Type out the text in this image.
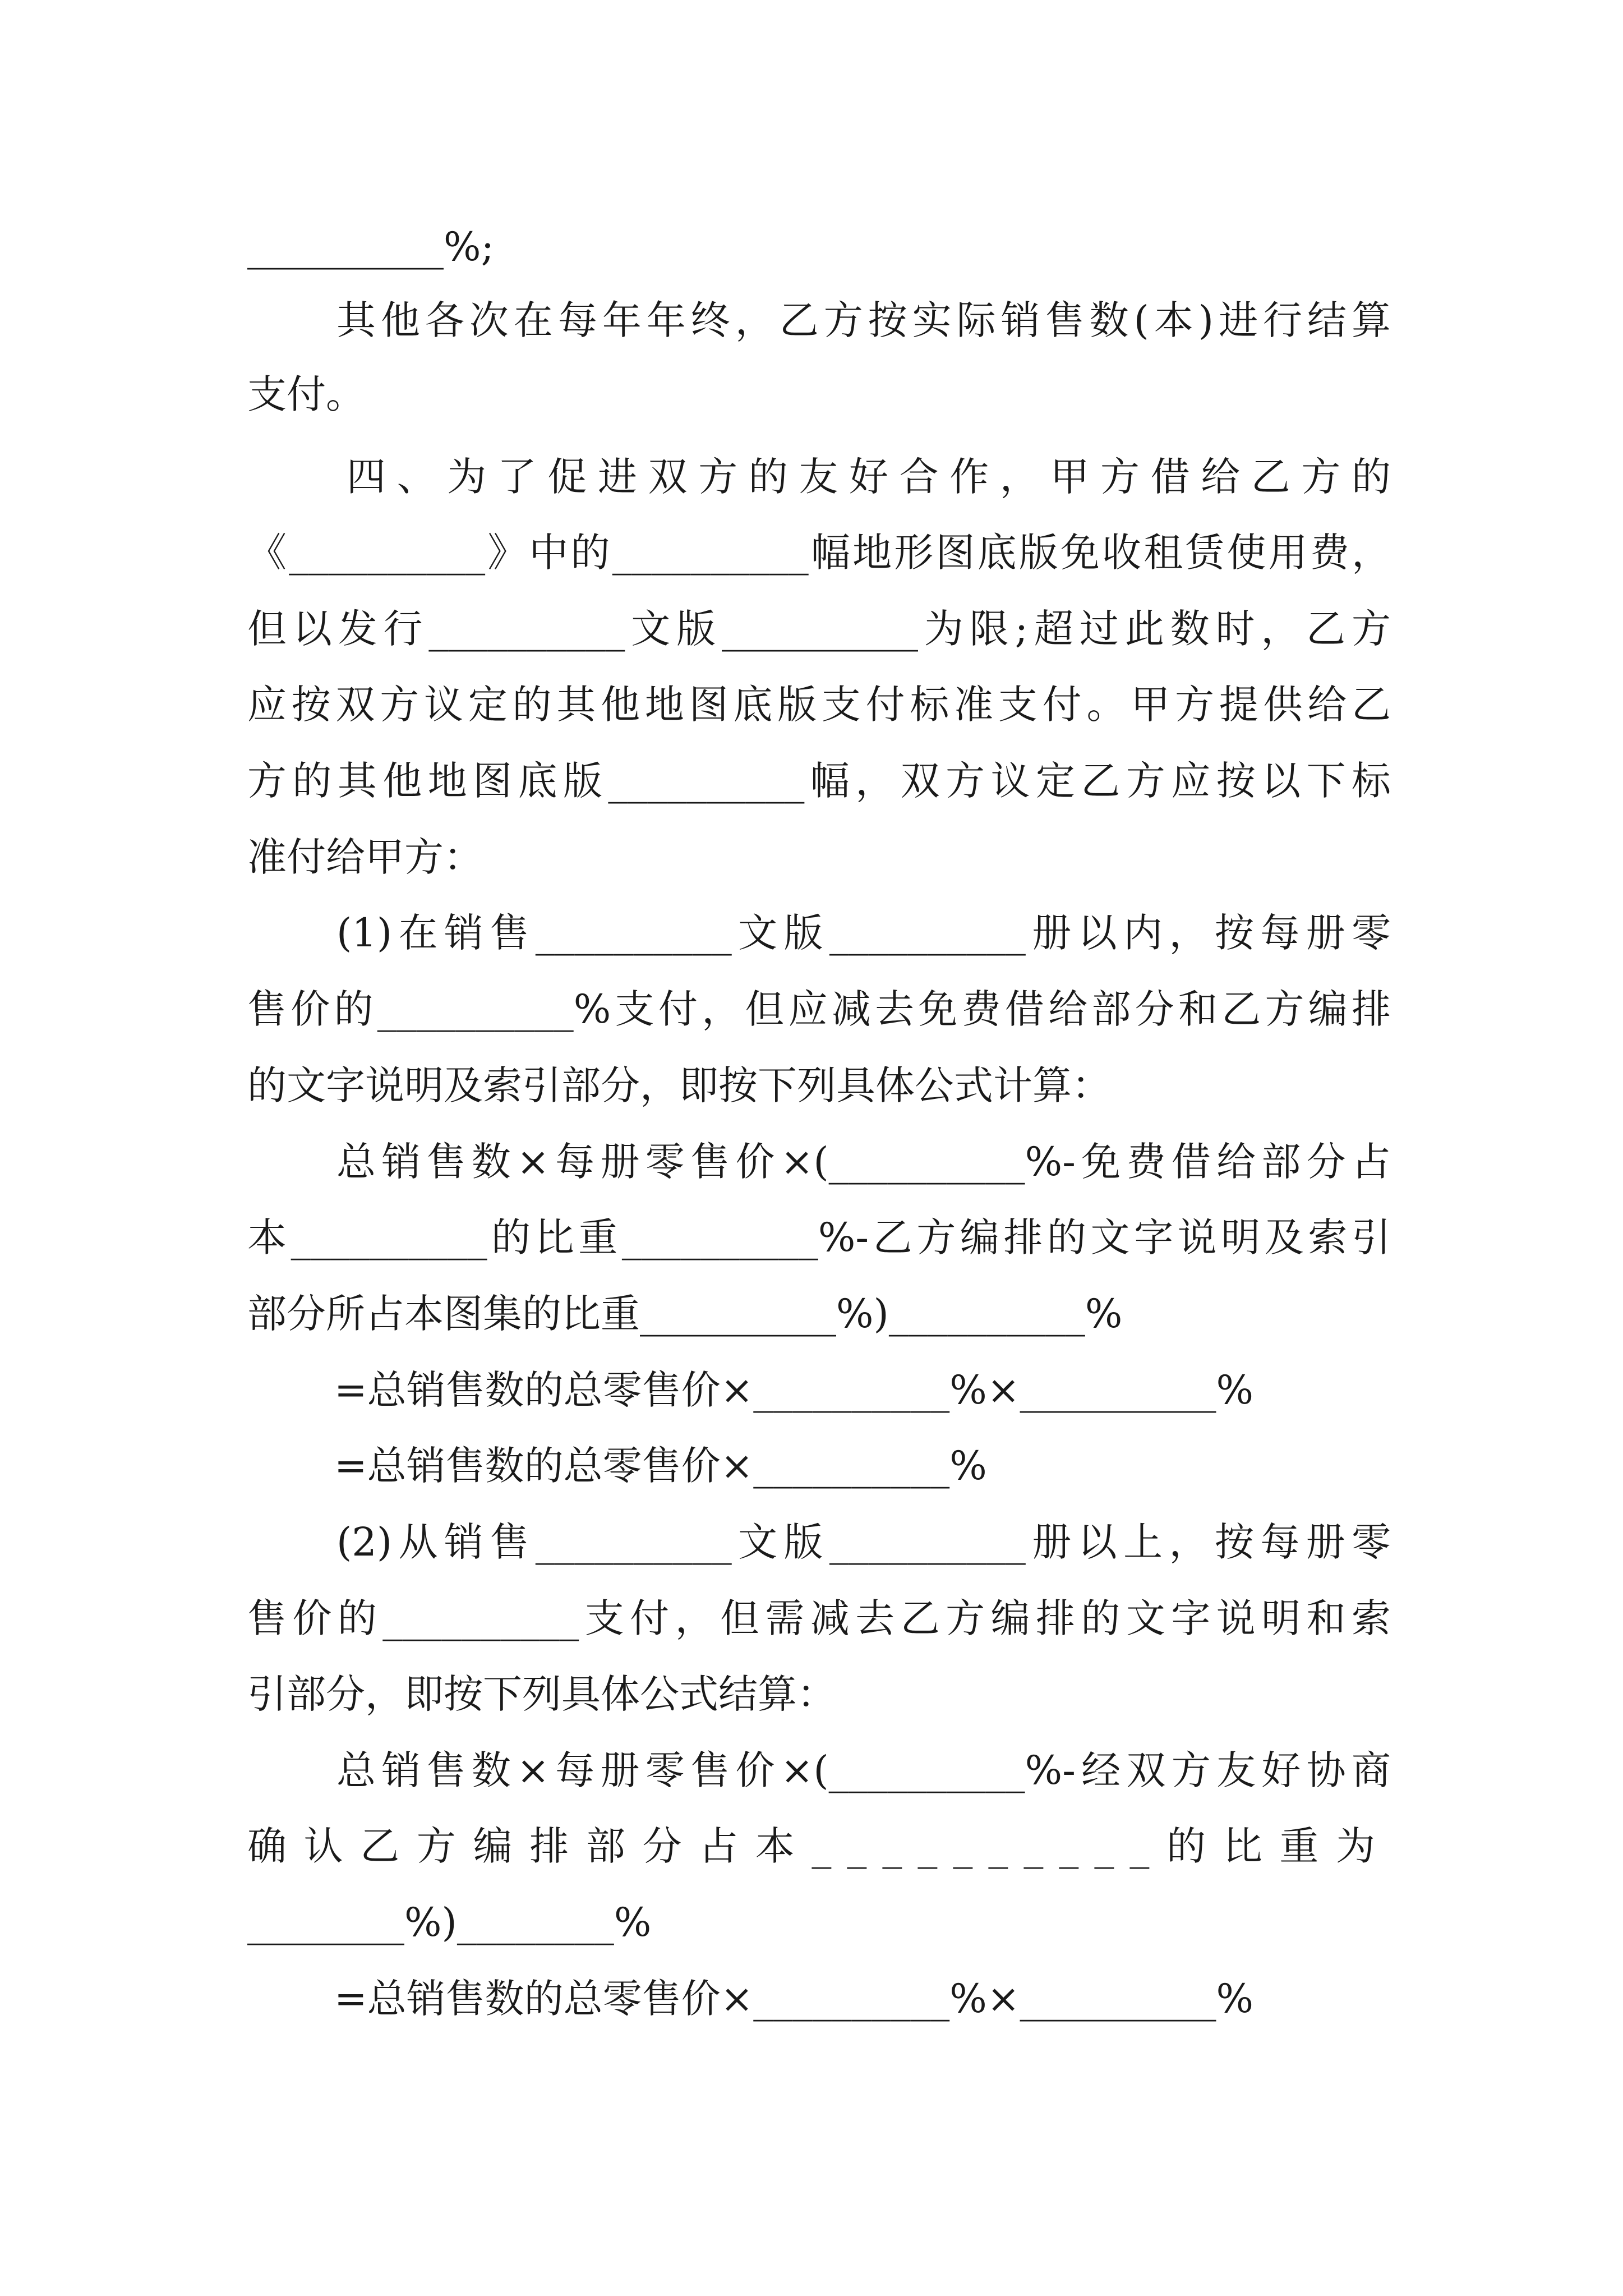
__________%;
其他各次在每年年终，乙方按实际销售数(本)进行结算
支付。
四、为了促进双方的友好合作，甲方借给乙方的
《__________》中的__________幅地形图底版免收租赁使用费，
但以发行__________文版__________为限;超过此数时，乙方
应按双方议定的其他地图底版支付标准支付。甲方提供给乙
方的其他地图底版__________幅，双方议定乙方应按以下标
准付给甲方：
(1)在销售__________文版__________册以内，按每册零
售价的__________%支付，但应减去免费借给部分和乙方编排
的文字说明及索引部分，即按下列具体公式计算：
总销售数×每册零售价×(__________%-免费借给部分占
本__________的比重__________%-乙方编排的文字说明及索引
部分所占本图集的比重__________%)__________%
=总销售数的总零售价×__________%×__________%
=总销售数的总零售价×__________%
(2)从销售__________文版__________册以上，按每册零
售价的__________支付，但需减去乙方编排的文字说明和索
引部分，即按下列具体公式结算：
总销售数×每册零售价×(__________%-经双方友好协商
确认乙方编排部分占本__________的比重为
________%)________%
=总销售数的总零售价×__________%×__________%
